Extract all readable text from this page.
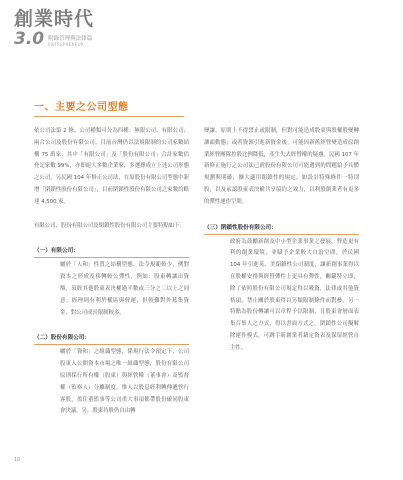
創業時代
3.0 附錄管理與法律篇
ENTREPRENEUR
一、主要之公司型態

依公司法第 2 條，公司種類可分為四種：無限公司、有限公司、兩合公司及股份有限公司。目前台灣仍以法規限制的公司家數結構 75 萬家，其中「有限公司」及「股份有限公司」合計家數佔登記家數 99%，亦即絕大多數企業家，多選擇成立上述公司形態之公司。另民國 104 年修正公司法，在原股份有限公司型態中新增「閉鎖性股份有限公司」，目前閉鎖性股份有限公司之家數約略達 4,500 家。

有限公司、股份有限公司及閉鎖性股份有限公司主要特點如下：

（一）有限公司：

屬於「人和」性質之結構型態，法令規範較少，例對資本之形成及移轉較公彈性，例如：股東轉讓出資額，須經其他股東表決權過半數或三分之二以上之同意；經理則有利於權區與營運，但較難對外募集資金，對公司成長限制較多。

（二）股份有限公司：

屬於「資和」之組織型態，係現行法令預定下，公司股東入公開資本市場之唯一組織型態，股份有限公司原則採行所有權（股東）與經營權（董事會）及監督權（監察人）分離制度，惟人以股息經利轉傳遞營行客股，盈住董監事等公司重大事項都帶股份確同股東會決議。另，股東持股仍自由轉

變讓，原則上不得禁止或限制，但對可能造成股東與股權股變轉讓面動態；或者資源引進新資金後，可能因新舊經營變造成原創業經營團隊控股比例降低，產生失去經營權的疑慮。民國 107 年新修正施行之公司法已就股份有限公司可能遇到的問題給予具體規劃與明確，擴大適用閉鎖性的規定，如設計特殊條件一特別股，以及承認股東表決權共享協約之效力，以利股創業者有更多的彈性運作空間。

（三）閉鎖性股份有限公司：

政府為鼓勵新創及中小型企業事業之發展，營造更有利的創業環境，並賦予企業較大自治空間，於民國 104 年引進英、美閉鎖性公司制度，讓新創事業得以在股權安排與經營彈性上更具有彈性，關鍵特立即，除了依照股份有限公司規定得以吸資，法律或其他資格項，禁止關於股東得以另類限制條件而對參，另一特點為股份轉讓可以章程予以限制，且股東會層面表集召集人之方式，得以書面方式之，閉鎖性公司擬解除運作模式，可跳手新創業者藉定資表及保留經營自主性。

10
